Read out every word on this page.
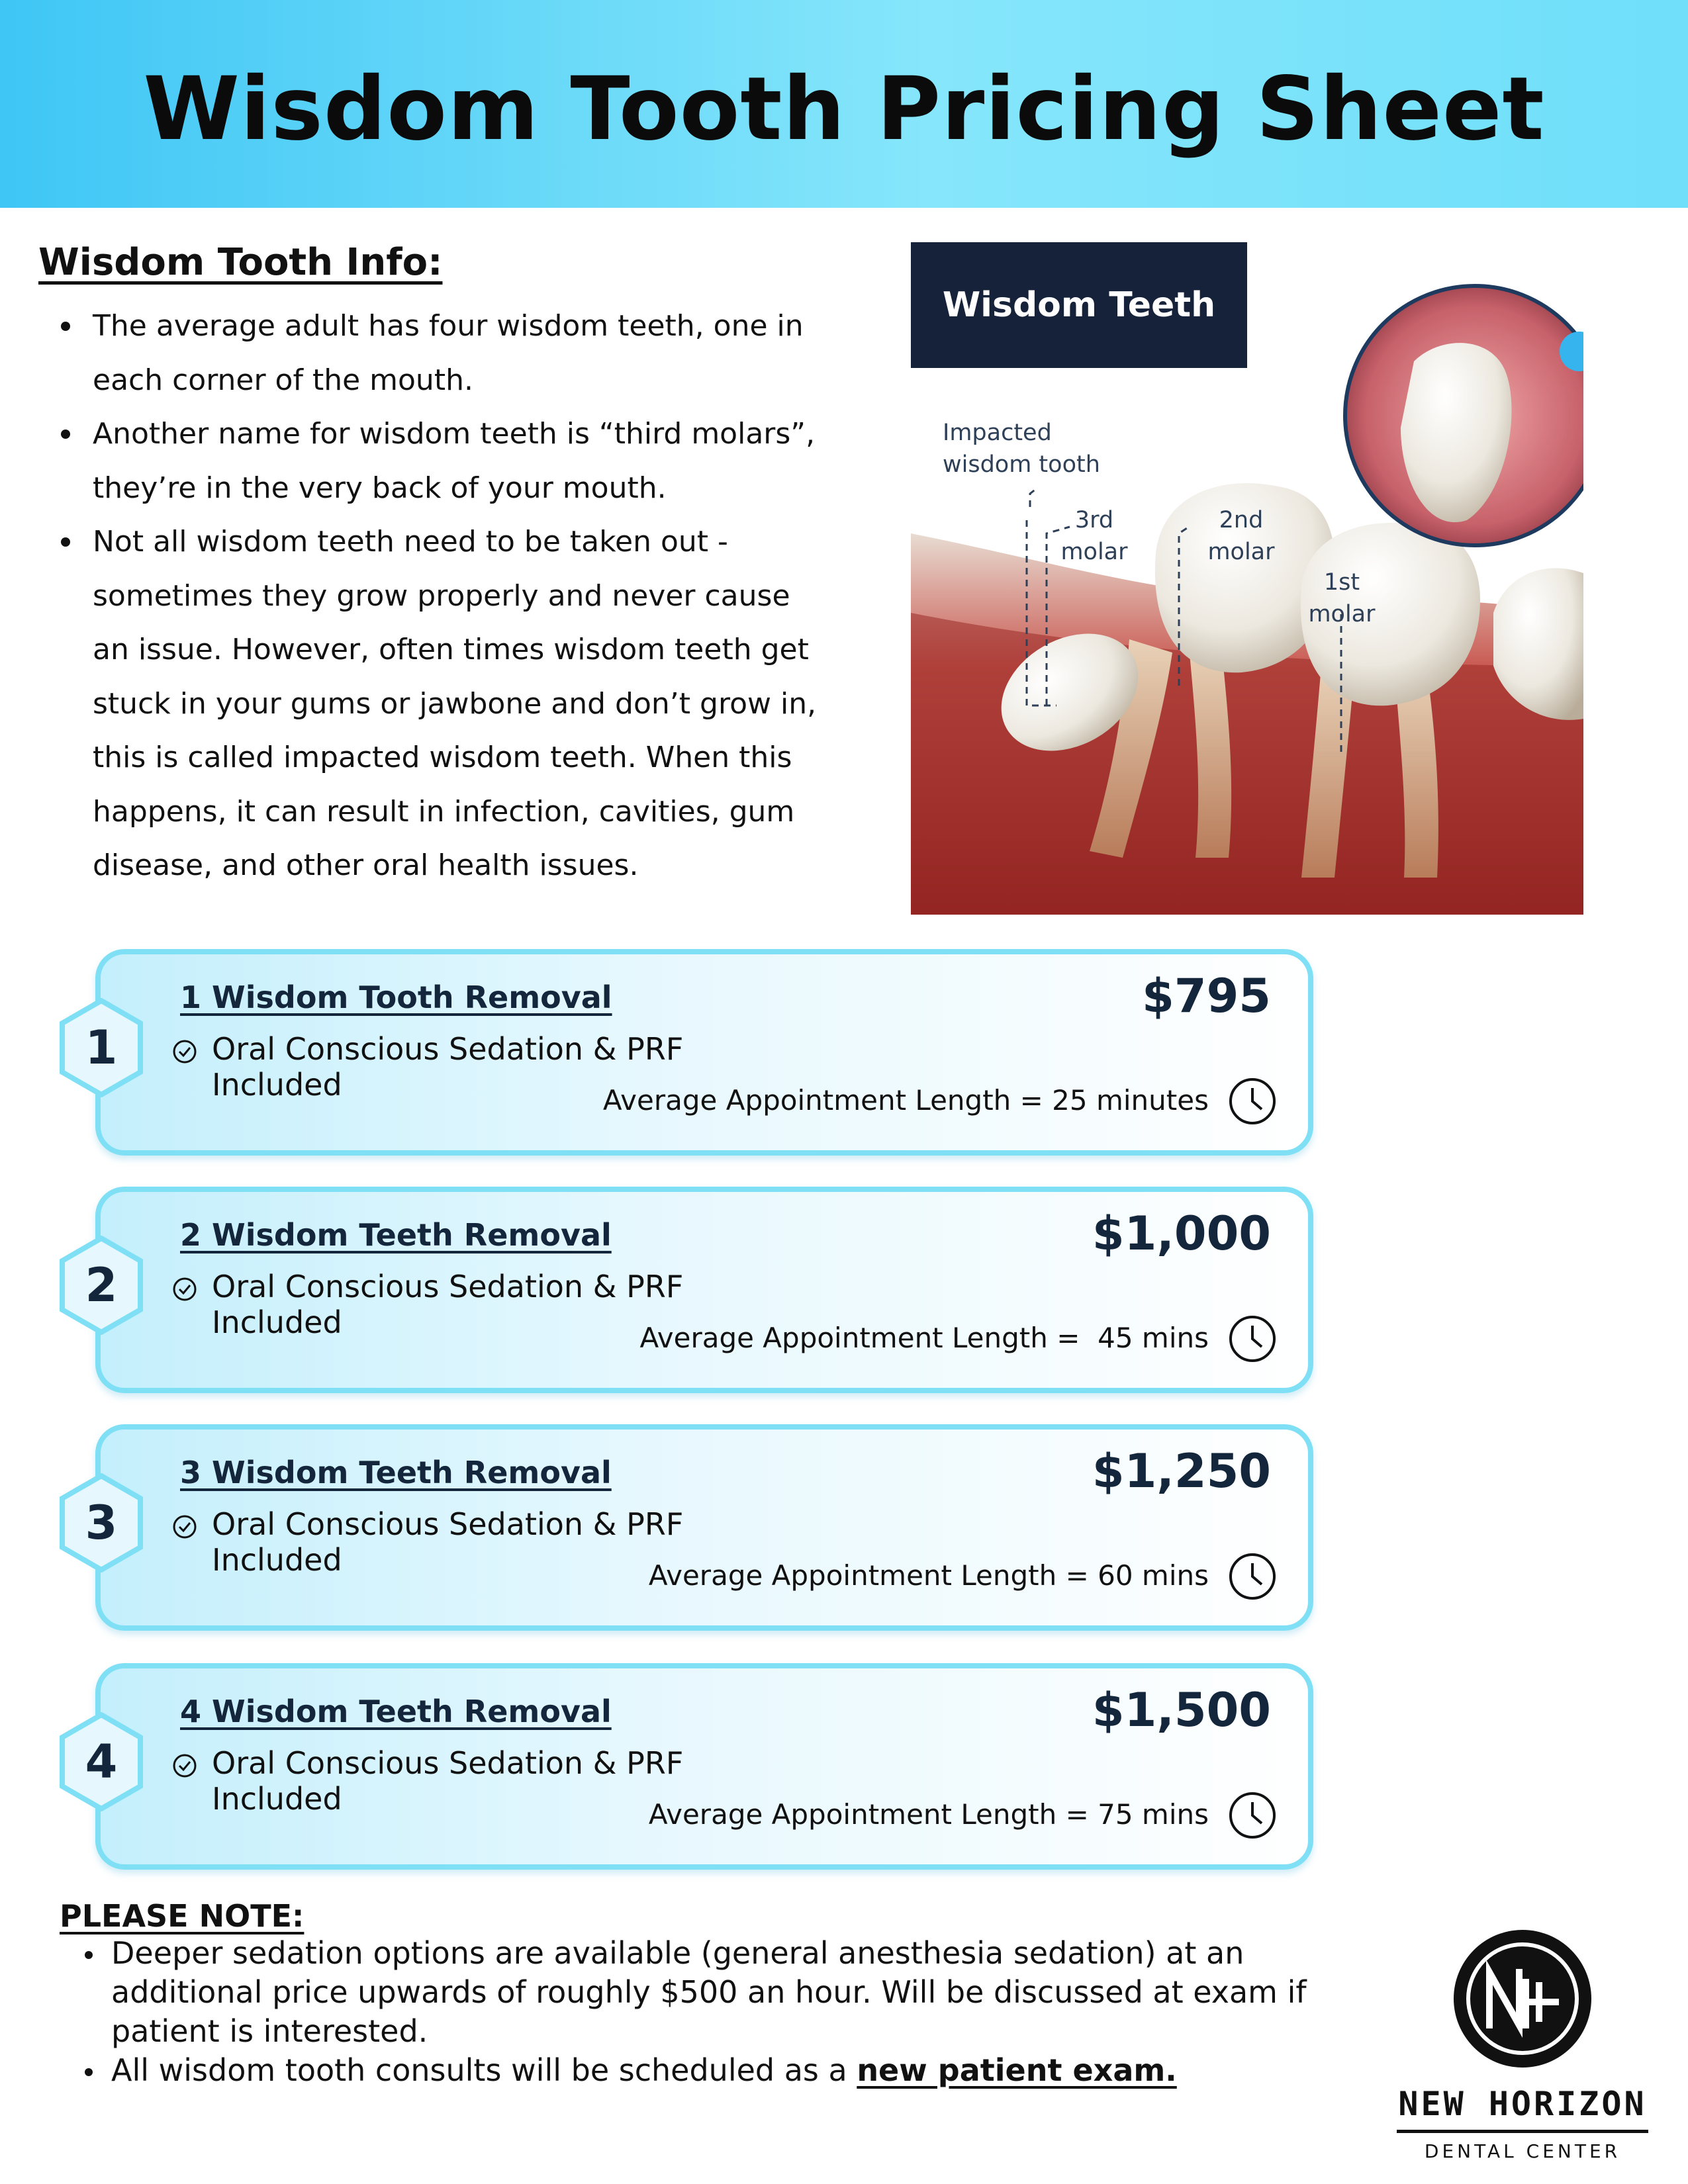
Wisdom Tooth Pricing Sheet
Wisdom Tooth Info:
The average adult has four wisdom teeth, one in each corner of the mouth.
Another name for wisdom teeth is “third molars”, they’re in the very back of your mouth.
Not all wisdom teeth need to be taken out - sometimes they grow properly and never cause an issue. However, often times wisdom teeth get stuck in your gums or jawbone and don’t grow in, this is called impacted wisdom teeth. When this happens, it can result in infection, cavities, gum disease, and other oral health issues.
Wisdom Teeth
Impacted wisdom tooth
3rd molar
2nd molar
1st molar
1 Wisdom Tooth Removal	$795
Oral Conscious Sedation & PRF Included	Average Appointment Length = 25 minutes
1
2 Wisdom Teeth Removal	$1,000
Oral Conscious Sedation & PRF Included	Average Appointment Length =  45 mins
2
3 Wisdom Teeth Removal	$1,250
Oral Conscious Sedation & PRF Included	Average Appointment Length = 60 mins
3
4 Wisdom Teeth Removal	$1,500
Oral Conscious Sedation & PRF Included	Average Appointment Length = 75 mins
4
PLEASE NOTE:
Deeper sedation options are available (general anesthesia sedation) at an additional price upwards of roughly $500 an hour. Will be discussed at exam if patient is interested.
All wisdom tooth consults will be scheduled as a new patient exam.
NEW HORIZON
DENTAL CENTER
